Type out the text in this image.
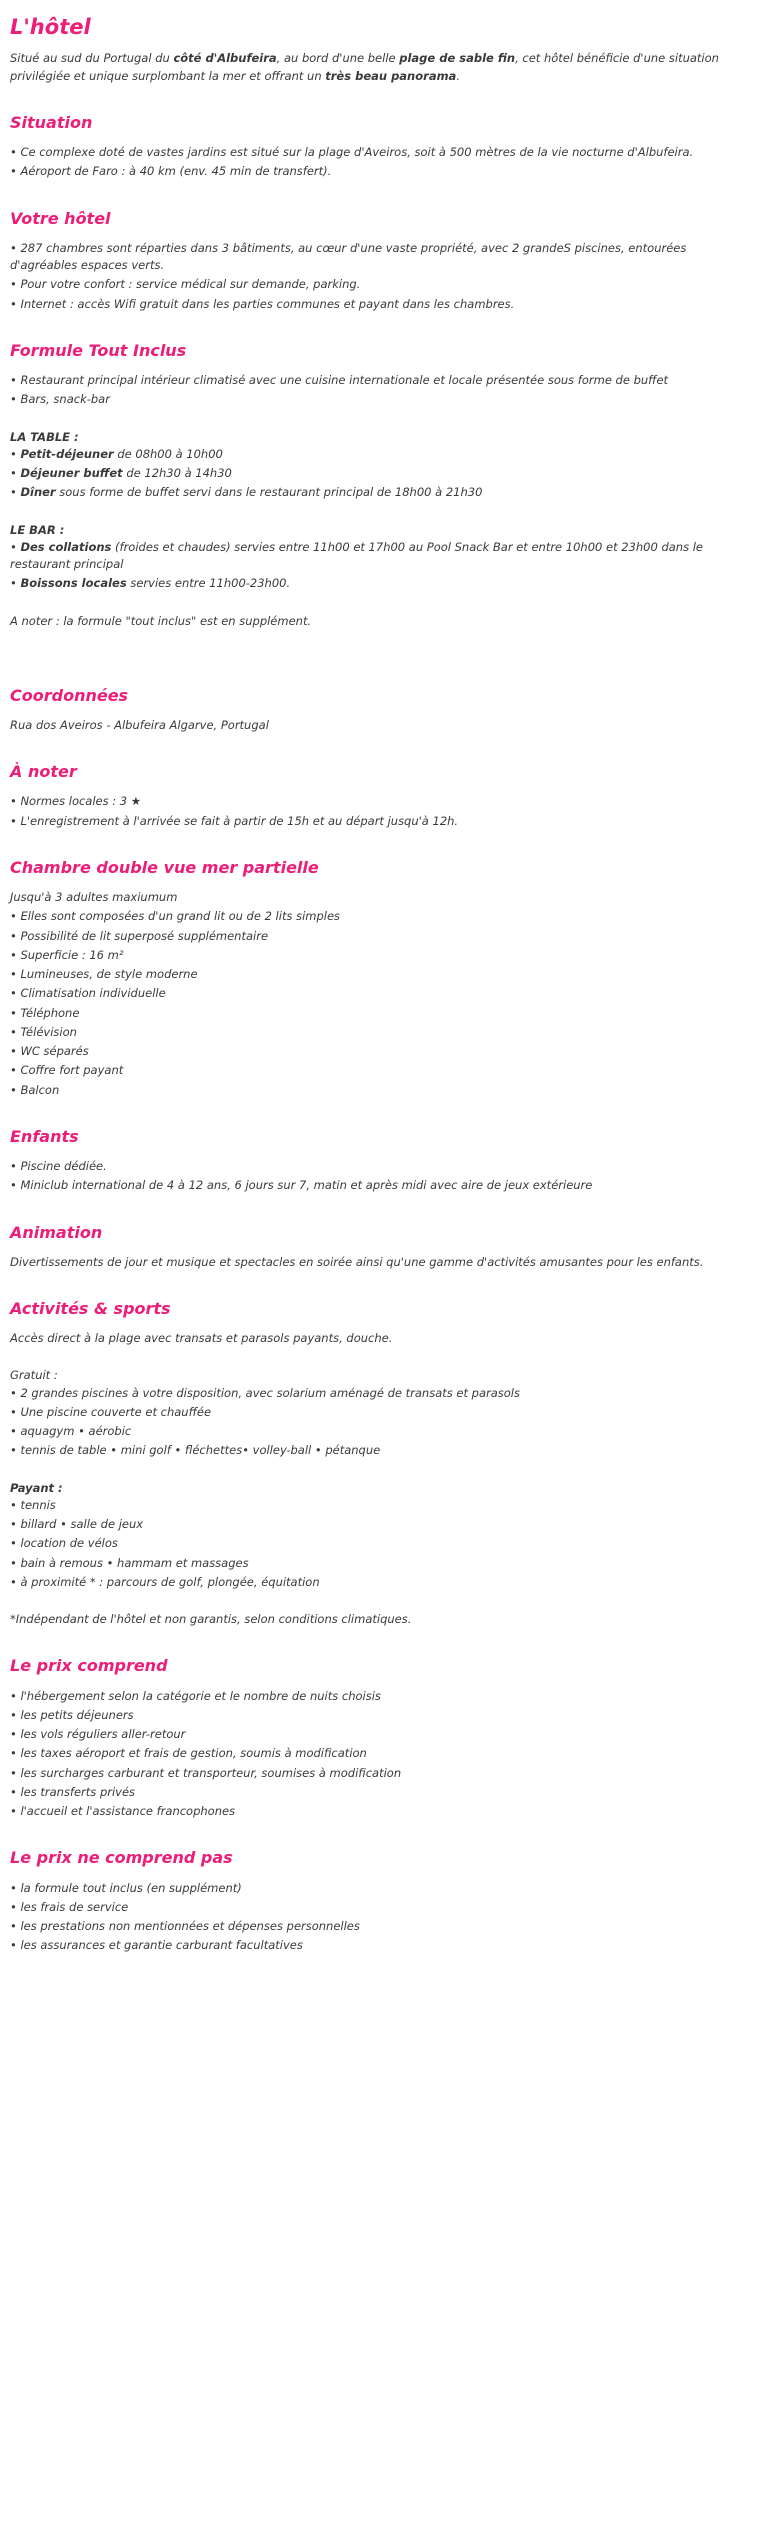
L'hôtel

Situé au sud du Portugal du côté d'Albufeira, au bord d'une belle plage de sable fin, cet hôtel bénéficie d'une situation privilégiée et unique surplombant la mer et offrant un très beau panorama.

Situation
• Ce complexe doté de vastes jardins est situé sur la plage d'Aveiros, soit à 500 mètres de la vie nocturne d'Albufeira.
• Aéroport de Faro : à 40 km (env. 45 min de transfert).
Votre hôtel
• 287 chambres sont réparties dans 3 bâtiments, au cœur d'une vaste propriété, avec 2 grandeS piscines, entourées d'agréables espaces verts.
• Pour votre confort : service médical sur demande, parking.
• Internet : accès Wifi gratuit dans les parties communes et payant dans les chambres.
Formule Tout Inclus
• Restaurant principal intérieur climatisé avec une cuisine internationale et locale présentée sous forme de buffet
• Bars, snack-bar

LA TABLE :

• Petit-déjeuner de 08h00 à 10h00
• Déjeuner buffet de 12h30 à 14h30
• Dîner sous forme de buffet servi dans le restaurant principal de 18h00 à 21h30

LE BAR :

• Des collations (froides et chaudes) servies entre 11h00 et 17h00 au Pool Snack Bar et entre 10h00 et 23h00 dans le restaurant principal
• Boissons locales servies entre 11h00-23h00.

A noter : la formule "tout inclus" est en supplément.

Coordonnées

Rua dos Aveiros - Albufeira Algarve, Portugal

À noter
• Normes locales : 3 ★
• L'enregistrement à l'arrivée se fait à partir de 15h et au départ jusqu'à 12h.
Chambre double vue mer partielle

Jusqu'à 3 adultes maxiumum

• Elles sont composées d'un grand lit ou de 2 lits simples
• Possibilité de lit superposé supplémentaire
• Superficie : 16 m²
• Lumineuses, de style moderne
• Climatisation individuelle
• Téléphone
• Télévision
• WC séparés
• Coffre fort payant
• Balcon
Enfants
• Piscine dédiée.
• Miniclub international de 4 à 12 ans, 6 jours sur 7, matin et après midi avec aire de jeux extérieure
Animation

Divertissements de jour et musique et spectacles en soirée ainsi qu'une gamme d'activités amusantes pour les enfants.

Activités & sports

Accès direct à la plage avec transats et parasols payants, douche.

Gratuit :

• 2 grandes piscines à votre disposition, avec solarium aménagé de transats et parasols
• Une piscine couverte et chauffée
• aquagym • aérobic
• tennis de table • mini golf • fléchettes• volley-ball • pétanque

Payant :

• tennis
• billard • salle de jeux
• location de vélos
• bain à remous • hammam et massages
• à proximité * : parcours de golf, plongée, équitation

*Indépendant de l'hôtel et non garantis, selon conditions climatiques.

Le prix comprend
• l'hébergement selon la catégorie et le nombre de nuits choisis
• les petits déjeuners
• les vols réguliers aller-retour
• les taxes aéroport et frais de gestion, soumis à modification
• les surcharges carburant et transporteur, soumises à modification
• les transferts privés
• l'accueil et l'assistance francophones
Le prix ne comprend pas
• la formule tout inclus (en supplément)
• les frais de service
• les prestations non mentionnées et dépenses personnelles
• les assurances et garantie carburant facultatives
